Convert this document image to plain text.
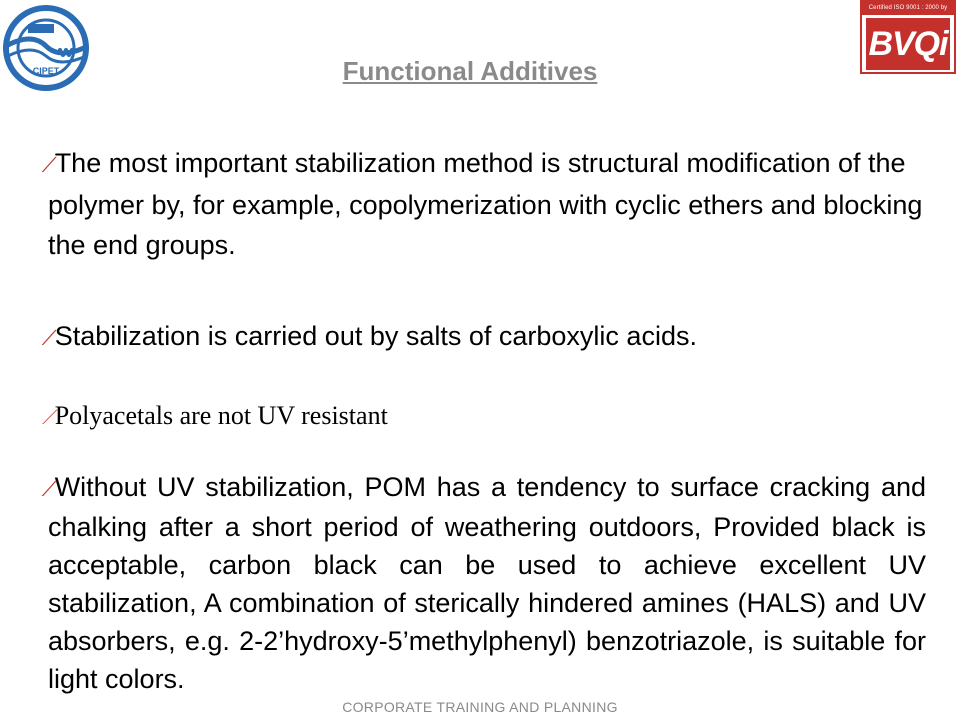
CIPET
Certified ISO 9001 : 2000 by
BVQi
Functional Additives
⁄The most important stabilization method is structural modification of the polymer by, for example, copolymerization with cyclic ethers and blocking the end groups.
⁄Stabilization is carried out by salts of carboxylic acids.
⁄Polyacetals are not UV resistant
⁄Without UV stabilization, POM has a tendency to surface cracking and chalking after a short period of weathering outdoors, Provided black is acceptable, carbon black can be used to achieve excellent UV stabilization, A combination of sterically hindered amines (HALS) and UV absorbers, e.g. 2-2’hydroxy-5’methylphenyl) benzotriazole, is suitable for light colors.
CORPORATE TRAINING AND PLANNING
